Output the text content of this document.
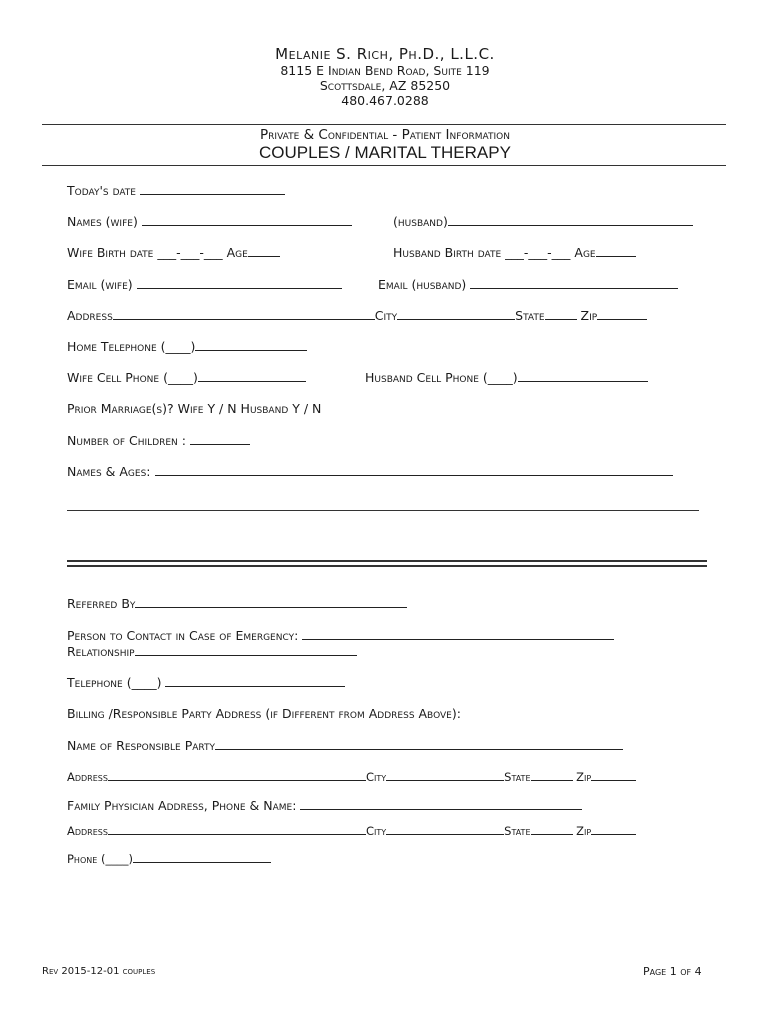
Melanie S. Rich, Ph.D., L.L.C.
8115 E Indian Bend Road, Suite 119
Scottsdale, AZ 85250
480.467.0288
Private & Confidential - Patient Information
COUPLES / MARITAL THERAPY
Today's date
Names (wife)	(husband)
Wife Birth date ___-___-___ Age	Husband Birth date ___-___-___ Age
Email (wife)	Email (husband)
Address	City	State	Zip
Home Telephone (____)
Wife Cell Phone (____)	Husband Cell Phone (____)
Prior Marriage(s)? Wife Y / N Husband Y / N
Number of Children :
Names & Ages:
Referred By
Person to Contact in Case of Emergency:
Relationship
Telephone (____)
Billing /Responsible Party Address (if Different from Address Above):
Name of Responsible Party
Address	City	State	Zip
Family Physician Address, Phone & Name:
Address	City	State	Zip
Phone (____)
Rev 2015-12-01 couples	Page 1 of 4
